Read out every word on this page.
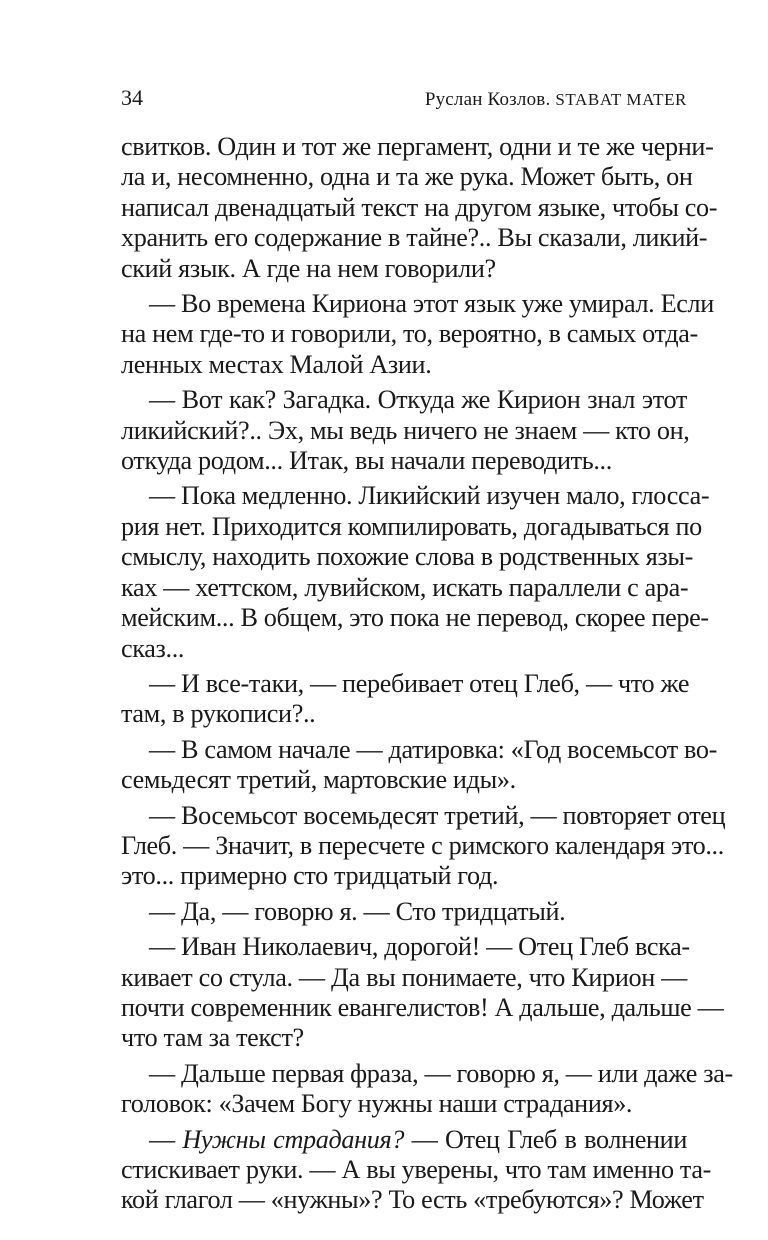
34	Руслан Козлов. STABAT MATER

свитков. Один и тот же пергамент, одни и те же черни-
ла и, несомненно, одна и та же рука. Может быть, он
написал двенадцатый текст на другом языке, чтобы со-
хранить его содержание в тайне?.. Вы сказали, ликий-
ский язык. А где на нем говорили?

— Во времена Кириона этот язык уже умирал. Если
на нем где-то и говорили, то, вероятно, в самых отда-
ленных местах Малой Азии.

— Вот как? Загадка. Откуда же Кирион знал этот
ликийский?.. Эх, мы ведь ничего не знаем — кто он,
откуда родом... Итак, вы начали переводить...

— Пока медленно. Ликийский изучен мало, глосса-
рия нет. Приходится компилировать, догадываться по
смыслу, находить похожие слова в родственных язы-
ках — хеттском, лувийском, искать параллели с ара-
мейским... В общем, это пока не перевод, скорее пере-
сказ...

— И все-таки, — перебивает отец Глеб, — что же
там, в рукописи?..

— В самом начале — датировка: «Год восемьсот во-
семьдесят третий, мартовские иды».

— Восемьсот восемьдесят третий, — повторяет отец
Глеб. — Значит, в пересчете с римского календаря это...
это... примерно сто тридцатый год.

— Да, — говорю я. — Сто тридцатый.

— Иван Николаевич, дорогой! — Отец Глеб вска-
кивает со стула. — Да вы понимаете, что Кирион —
почти современник евангелистов! А дальше, дальше —
что там за текст?

— Дальше первая фраза, — говорю я, — или даже за-
головок: «Зачем Богу нужны наши страдания».

— Нужны страдания? — Отец Глеб в волнении
стискивает руки. — А вы уверены, что там именно та-
кой глагол — «нужны»? То есть «требуются»? Может
